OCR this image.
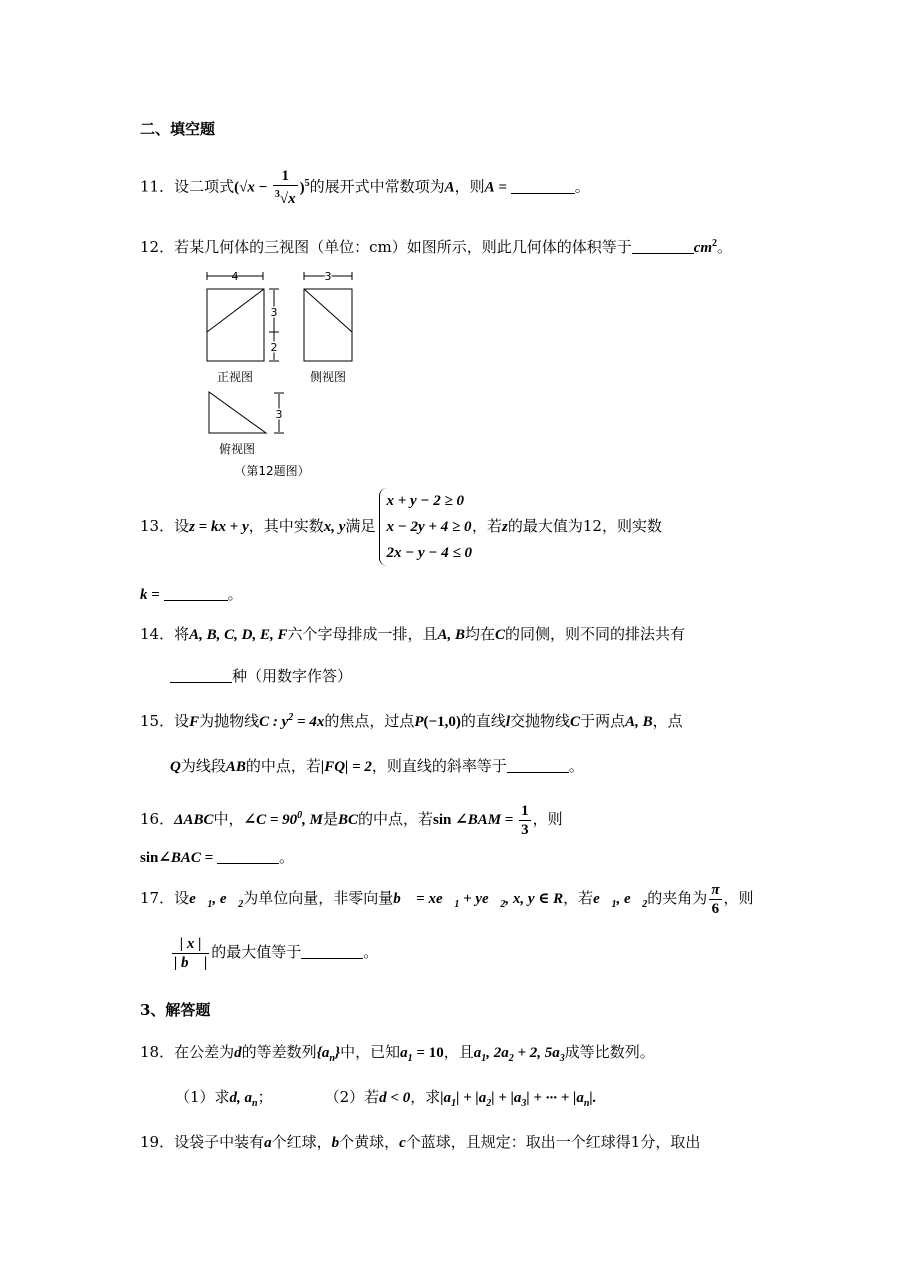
二、填空题
11．设二项式$(√x - \frac{1}{^3√x} )^5$的展开式中常数项为A，则A =	。
12．若某几何体的三视图（单位：cm）如图所示，则此几何体的体积等于	$cm^2$。
4
3
2
正视图
3
侧视图
3
俯视图
（第12题图）
13．设z = kx + y，其中实数x, y满足
x + y − 2 ≥ 0
x − 2y + 4 ≥ 0
2x − y − 4 ≤ 0
，若z的最大值为12，则实数
k =	。
14．将A, B, C, D, E, F六个字母排成一排，且A, B均在C的同侧，则不同的排法共有
种（用数字作答）
15．设F为抛物线C : $y^2 = 4x$的焦点，过点P(−1,0)的直线l交抛物线C于两点A, B，点
Q为线段AB的中点，若|FQ| = 2，则直线的斜率等于	。
16．ΔABC中，∠C = $90^0$, M是BC的中点，若sin ∠BAM = $\frac{1}{3}$ ，则
sin∠BAC =	。
17．设$e⃗_1$, $e⃗_2$为单位向量，非零向量b⃗ = $xe⃗_1$ + $ye⃗_2$, x, y ∈ R，若$e⃗_1$, $e⃗_2$的夹角为 $\frac{\pi}{6}$ ，则
$\frac{| x |}{| b⃗ |}$ 的最大值等于	。
3、解答题
18．在公差为d的等差数列$\{a_n\}$中，已知$a_1 = 10$，且$a_1$, $2a_2 + 2$, $5a_3$成等比数列。
（1）求d, $a_n$；	（2）若d < 0，求$|a_1| + |a_2| + |a_3|$ + ··· + $|a_n|$.
19．设袋子中装有a个红球，b个黄球，c个蓝球，且规定：取出一个红球得1分，取出
